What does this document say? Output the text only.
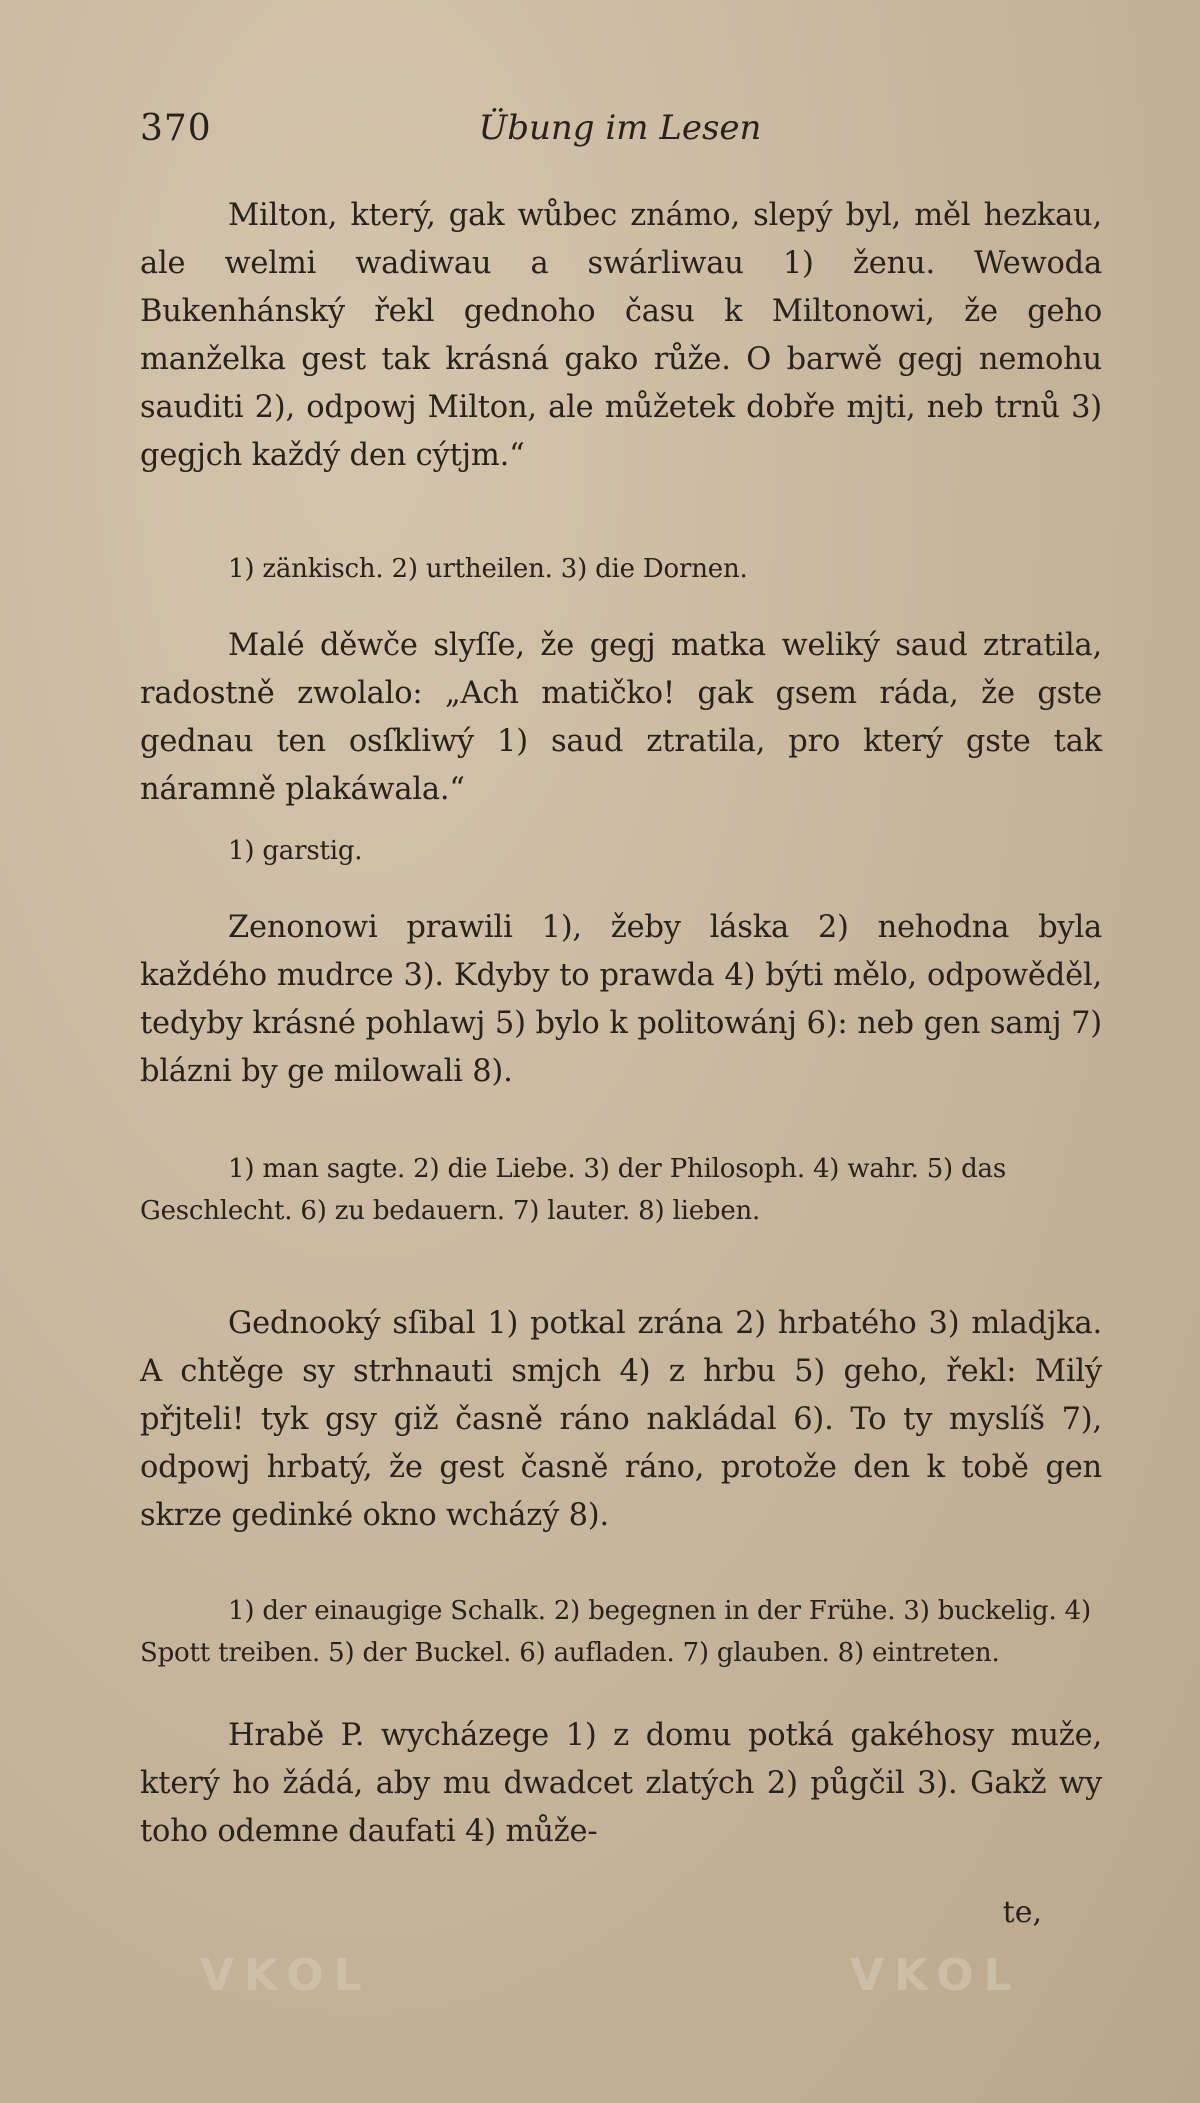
370	Übung im Lesen

Milton, který, gak wůbec známo, slepý byl, měl hezkau, ale welmi wadiwau a swárliwau 1) ženu. Wewoda Bukenhánský řekl gednoho času k Miltonowi, že geho manželka gest tak krásná gako růže. O barwě gegj nemohu sauditi 2), odpowj Milton, ale můžetek dobře mjti, neb trnů 3) gegjch každý den cýtjm.“

1) zänkisch. 2) urtheilen. 3) die Dornen.

Malé děwče slyſſe, že gegj matka weliký saud ztratila, radostně zwolalo: „Ach matičko! gak gsem ráda, že gste gednau ten osſkliwý 1) saud ztratila, pro který gste tak náramně plakáwala.“

1) garstig.

Zenonowi prawili 1), žeby láska 2) nehodna byla každého mudrce 3). Kdyby to prawda 4) býti mělo, odpowěděl, tedyby krásné pohlawj 5) bylo k politowánj 6): neb gen samj 7) blázni by ge milowali 8).

1) man sagte. 2) die Liebe. 3) der Philosoph. 4) wahr. 5) das Geschlecht. 6) zu bedauern. 7) lauter. 8) lieben.

Gednooký sſibal 1) potkal zrána 2) hrbatého 3) mladjka. A chtěge sy strhnauti smjch 4) z hrbu 5) geho, řekl: Milý přjteli! tyk gsy giž časně ráno nakládal 6). To ty myslíš 7), odpowj hrbatý, že gest časně ráno, protože den k tobě gen skrze gedinké okno wcházý 8).

1) der einaugige Schalk. 2) begegnen in der Frühe. 3) buckelig. 4) Spott treiben. 5) der Buckel. 6) aufladen. 7) glauben. 8) eintreten.

Hrabě P. wycházege 1) z domu potká gakéhosy muže, který ho žádá, aby mu dwadcet zlatých 2) půgčil 3). Gakž wy toho odemne daufati 4) může-

te,
VKOL	VKOL
